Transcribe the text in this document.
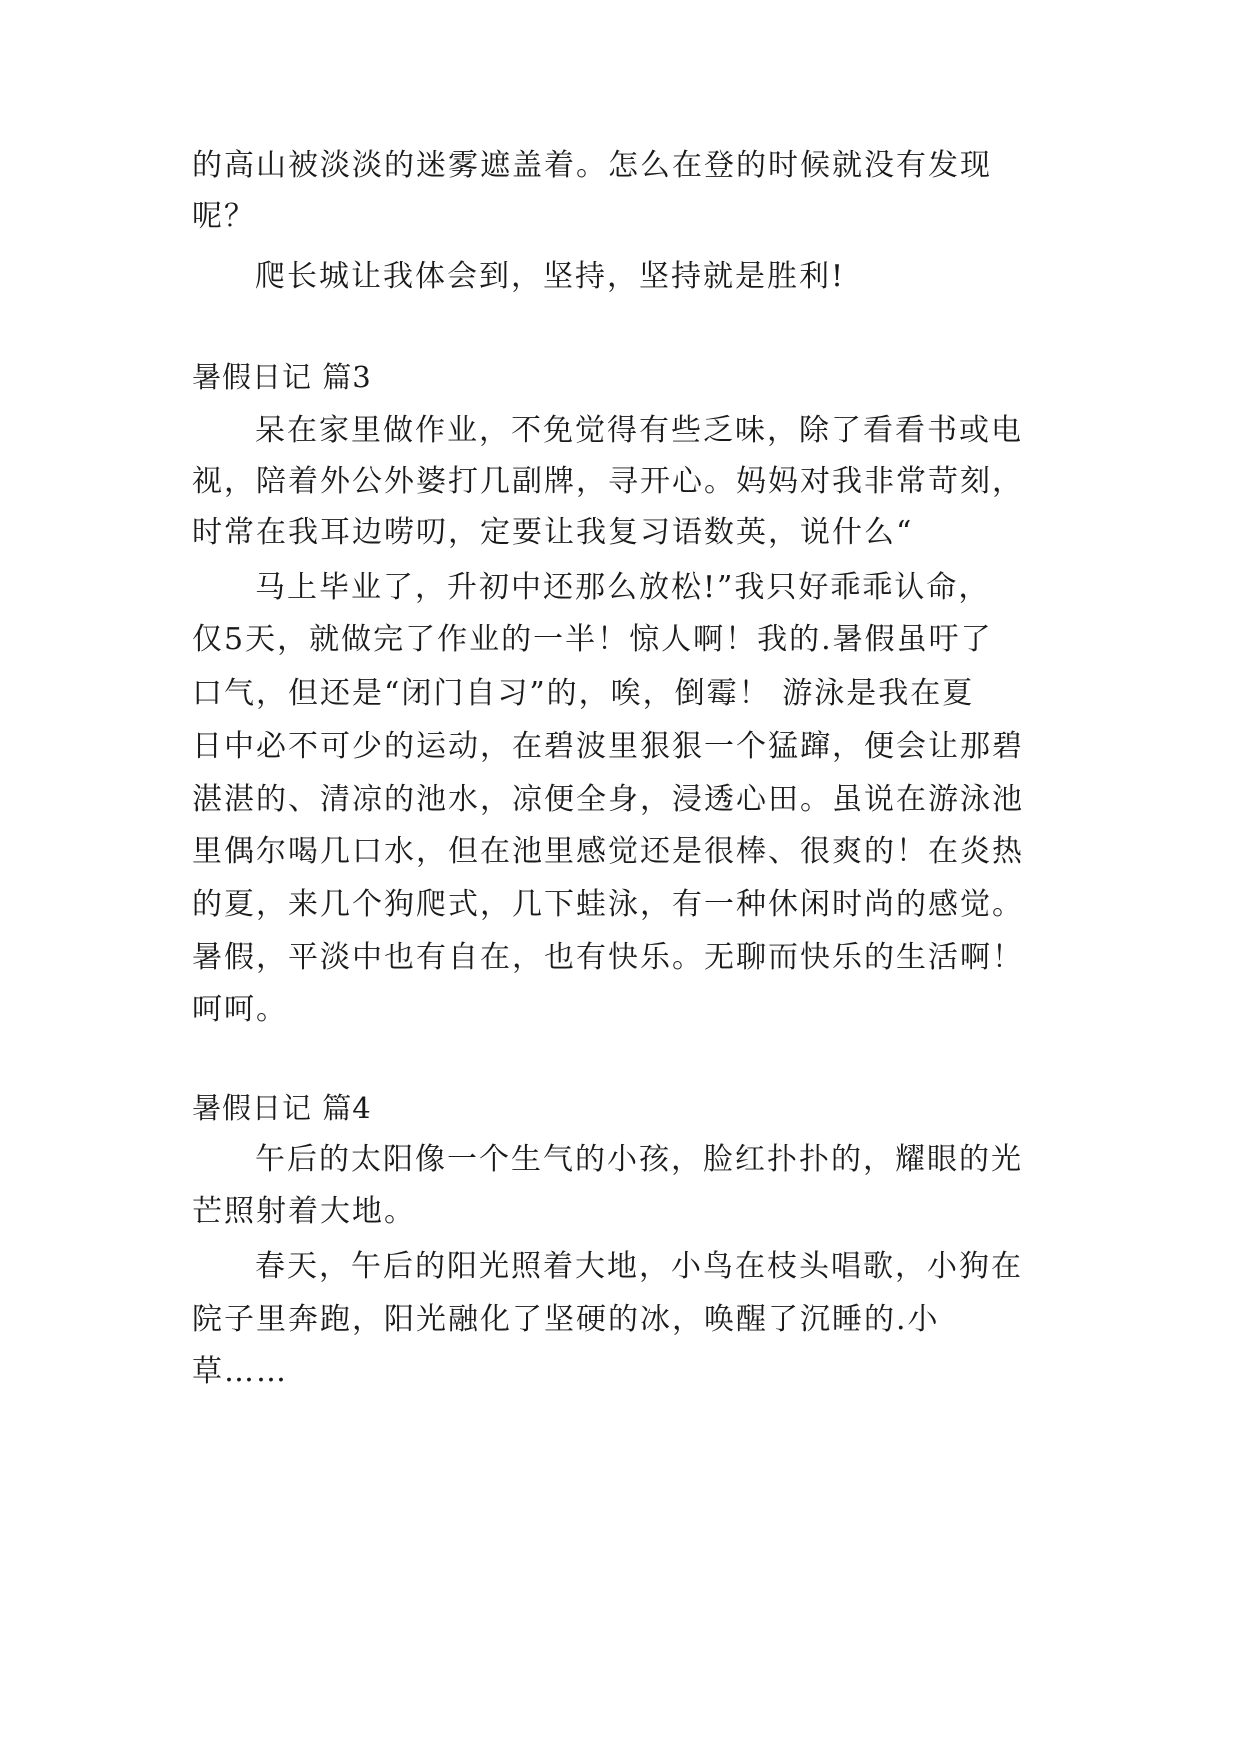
的高山被淡淡的迷雾遮盖着。怎么在登的时候就没有发现

呢？

爬长城让我体会到，坚持，坚持就是胜利!

暑假日记 篇3

呆在家里做作业，不免觉得有些乏味，除了看看书或电

视，陪着外公外婆打几副牌，寻开心。妈妈对我非常苛刻，

时常在我耳边唠叨，定要让我复习语数英，说什么“

马上毕业了，升初中还那么放松!”我只好乖乖认命，

仅5天，就做完了作业的一半！惊人啊！我的.暑假虽吁了

口气，但还是“闭门自习”的，唉，倒霉！ 游泳是我在夏

日中必不可少的运动，在碧波里狠狠一个猛蹿，便会让那碧

湛湛的、清凉的池水，凉便全身，浸透心田。虽说在游泳池

里偶尔喝几口水，但在池里感觉还是很棒、很爽的！在炎热

的夏，来几个狗爬式，几下蛙泳，有一种休闲时尚的感觉。

暑假，平淡中也有自在，也有快乐。无聊而快乐的生活啊！

呵呵。

暑假日记 篇4

午后的太阳像一个生气的小孩，脸红扑扑的，耀眼的光

芒照射着大地。

春天，午后的阳光照着大地，小鸟在枝头唱歌，小狗在

院子里奔跑，阳光融化了坚硬的冰，唤醒了沉睡的.小

草……
